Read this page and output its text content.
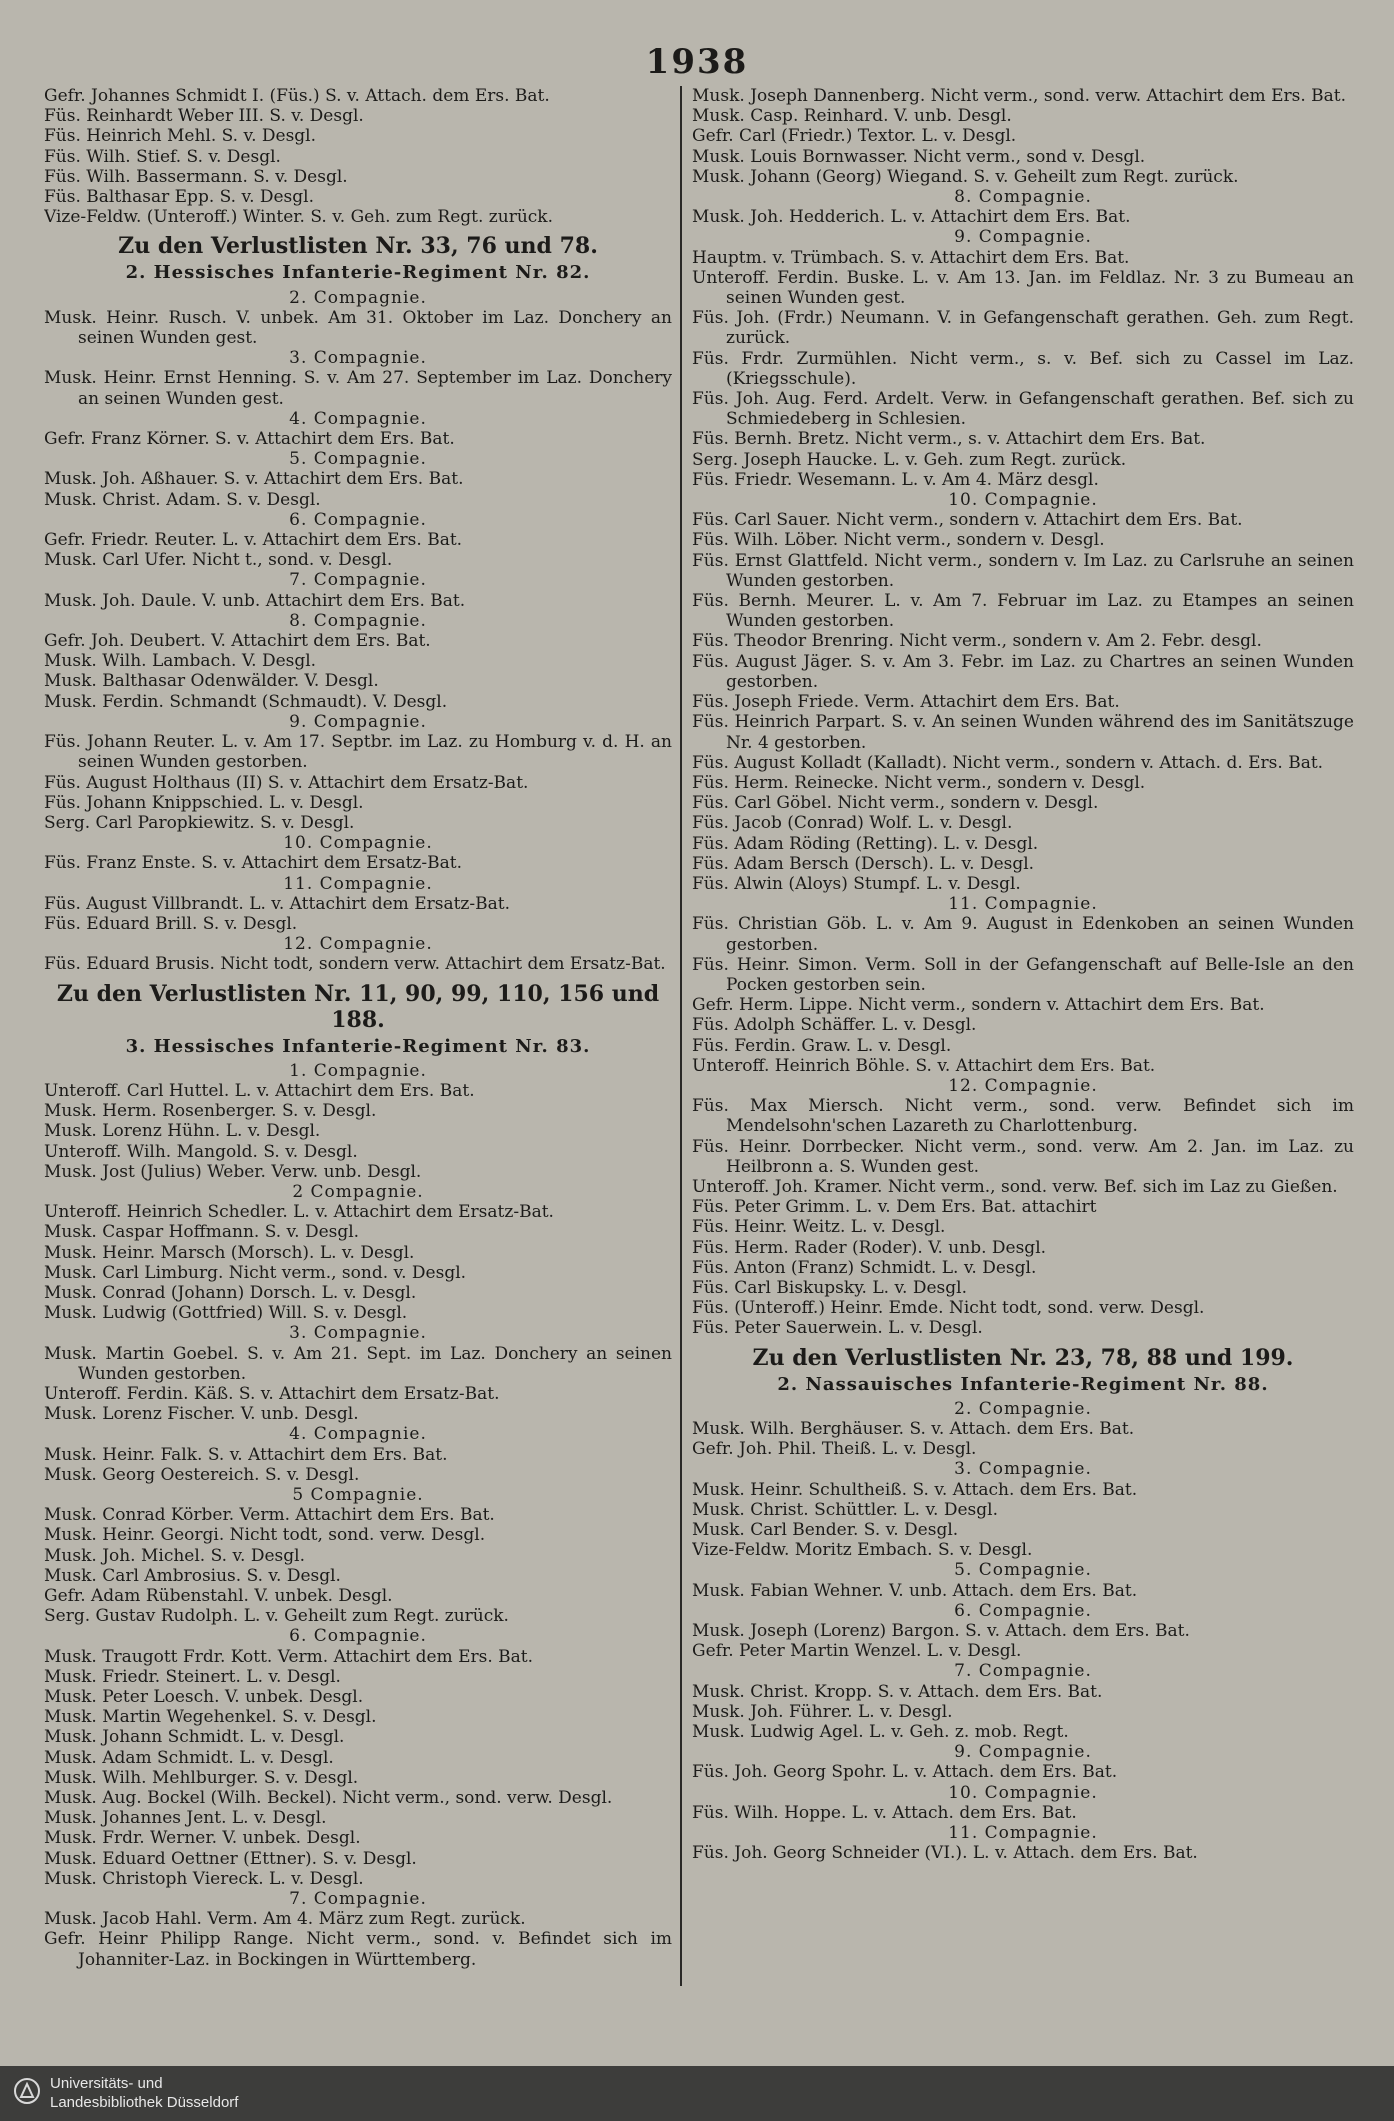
1938

Gefr. Johannes Schmidt I. (Füs.) S. v. Attach. dem Ers. Bat.

Füs. Reinhardt Weber III. S. v. Desgl.

Füs. Heinrich Mehl. S. v. Desgl.

Füs. Wilh. Stief. S. v. Desgl.

Füs. Wilh. Bassermann. S. v. Desgl.

Füs. Balthasar Epp. S. v. Desgl.

Vize-Feldw. (Unteroff.) Winter. S. v. Geh. zum Regt. zurück.

Zu den Verlustlisten Nr. 33, 76 und 78.

2. Hessisches Infanterie-Regiment Nr. 82.

2. Compagnie.

Musk. Heinr. Rusch. V. unbek. Am 31. Oktober im Laz. Donchery an seinen Wunden gest.

3. Compagnie.

Musk. Heinr. Ernst Henning. S. v. Am 27. September im Laz. Donchery an seinen Wunden gest.

4. Compagnie.

Gefr. Franz Körner. S. v. Attachirt dem Ers. Bat.

5. Compagnie.

Musk. Joh. Aßhauer. S. v. Attachirt dem Ers. Bat.

Musk. Christ. Adam. S. v. Desgl.

6. Compagnie.

Gefr. Friedr. Reuter. L. v. Attachirt dem Ers. Bat.

Musk. Carl Ufer. Nicht t., sond. v. Desgl.

7. Compagnie.

Musk. Joh. Daule. V. unb. Attachirt dem Ers. Bat.

8. Compagnie.

Gefr. Joh. Deubert. V. Attachirt dem Ers. Bat.

Musk. Wilh. Lambach. V. Desgl.

Musk. Balthasar Odenwälder. V. Desgl.

Musk. Ferdin. Schmandt (Schmaudt). V. Desgl.

9. Compagnie.

Füs. Johann Reuter. L. v. Am 17. Septbr. im Laz. zu Homburg v. d. H. an seinen Wunden gestorben.

Füs. August Holthaus (II) S. v. Attachirt dem Ersatz-Bat.

Füs. Johann Knippschied. L. v. Desgl.

Serg. Carl Paropkiewitz. S. v. Desgl.

10. Compagnie.

Füs. Franz Enste. S. v. Attachirt dem Ersatz-Bat.

11. Compagnie.

Füs. August Villbrandt. L. v. Attachirt dem Ersatz-Bat.

Füs. Eduard Brill. S. v. Desgl.

12. Compagnie.

Füs. Eduard Brusis. Nicht todt, sondern verw. Attachirt dem Ersatz-Bat.

Zu den Verlustlisten Nr. 11, 90, 99, 110, 156 und 188.

3. Hessisches Infanterie-Regiment Nr. 83.

1. Compagnie.

Unteroff. Carl Huttel. L. v. Attachirt dem Ers. Bat.

Musk. Herm. Rosenberger. S. v. Desgl.

Musk. Lorenz Hühn. L. v. Desgl.

Unteroff. Wilh. Mangold. S. v. Desgl.

Musk. Jost (Julius) Weber. Verw. unb. Desgl.

2 Compagnie.

Unteroff. Heinrich Schedler. L. v. Attachirt dem Ersatz-Bat.

Musk. Caspar Hoffmann. S. v. Desgl.

Musk. Heinr. Marsch (Morsch). L. v. Desgl.

Musk. Carl Limburg. Nicht verm., sond. v. Desgl.

Musk. Conrad (Johann) Dorsch. L. v. Desgl.

Musk. Ludwig (Gottfried) Will. S. v. Desgl.

3. Compagnie.

Musk. Martin Goebel. S. v. Am 21. Sept. im Laz. Donchery an seinen Wunden gestorben.

Unteroff. Ferdin. Käß. S. v. Attachirt dem Ersatz-Bat.

Musk. Lorenz Fischer. V. unb. Desgl.

4. Compagnie.

Musk. Heinr. Falk. S. v. Attachirt dem Ers. Bat.

Musk. Georg Oestereich. S. v. Desgl.

5 Compagnie.

Musk. Conrad Körber. Verm. Attachirt dem Ers. Bat.

Musk. Heinr. Georgi. Nicht todt, sond. verw. Desgl.

Musk. Joh. Michel. S. v. Desgl.

Musk. Carl Ambrosius. S. v. Desgl.

Gefr. Adam Rübenstahl. V. unbek. Desgl.

Serg. Gustav Rudolph. L. v. Geheilt zum Regt. zurück.

6. Compagnie.

Musk. Traugott Frdr. Kott. Verm. Attachirt dem Ers. Bat.

Musk. Friedr. Steinert. L. v. Desgl.

Musk. Peter Loesch. V. unbek. Desgl.

Musk. Martin Wegehenkel. S. v. Desgl.

Musk. Johann Schmidt. L. v. Desgl.

Musk. Adam Schmidt. L. v. Desgl.

Musk. Wilh. Mehlburger. S. v. Desgl.

Musk. Aug. Bockel (Wilh. Beckel). Nicht verm., sond. verw. Desgl.

Musk. Johannes Jent. L. v. Desgl.

Musk. Frdr. Werner. V. unbek. Desgl.

Musk. Eduard Oettner (Ettner). S. v. Desgl.

Musk. Christoph Viereck. L. v. Desgl.

7. Compagnie.

Musk. Jacob Hahl. Verm. Am 4. März zum Regt. zurück.

Gefr. Heinr Philipp Range. Nicht verm., sond. v. Befindet sich im Johanniter-Laz. in Bockingen in Württemberg.

Musk. Joseph Dannenberg. Nicht verm., sond. verw. Attachirt dem Ers. Bat.

Musk. Casp. Reinhard. V. unb. Desgl.

Gefr. Carl (Friedr.) Textor. L. v. Desgl.

Musk. Louis Bornwasser. Nicht verm., sond v. Desgl.

Musk. Johann (Georg) Wiegand. S. v. Geheilt zum Regt. zurück.

8. Compagnie.

Musk. Joh. Hedderich. L. v. Attachirt dem Ers. Bat.

9. Compagnie.

Hauptm. v. Trümbach. S. v. Attachirt dem Ers. Bat.

Unteroff. Ferdin. Buske. L. v. Am 13. Jan. im Feldlaz. Nr. 3 zu Bumeau an seinen Wunden gest.

Füs. Joh. (Frdr.) Neumann. V. in Gefangenschaft gerathen. Geh. zum Regt. zurück.

Füs. Frdr. Zurmühlen. Nicht verm., s. v. Bef. sich zu Cassel im Laz. (Kriegsschule).

Füs. Joh. Aug. Ferd. Ardelt. Verw. in Gefangenschaft gerathen. Bef. sich zu Schmiedeberg in Schlesien.

Füs. Bernh. Bretz. Nicht verm., s. v. Attachirt dem Ers. Bat.

Serg. Joseph Haucke. L. v. Geh. zum Regt. zurück.

Füs. Friedr. Wesemann. L. v. Am 4. März desgl.

10. Compagnie.

Füs. Carl Sauer. Nicht verm., sondern v. Attachirt dem Ers. Bat.

Füs. Wilh. Löber. Nicht verm., sondern v. Desgl.

Füs. Ernst Glattfeld. Nicht verm., sondern v. Im Laz. zu Carlsruhe an seinen Wunden gestorben.

Füs. Bernh. Meurer. L. v. Am 7. Februar im Laz. zu Etampes an seinen Wunden gestorben.

Füs. Theodor Brenring. Nicht verm., sondern v. Am 2. Febr. desgl.

Füs. August Jäger. S. v. Am 3. Febr. im Laz. zu Chartres an seinen Wunden gestorben.

Füs. Joseph Friede. Verm. Attachirt dem Ers. Bat.

Füs. Heinrich Parpart. S. v. An seinen Wunden während des im Sanitätszuge Nr. 4 gestorben.

Füs. August Kolladt (Kalladt). Nicht verm., sondern v. Attach. d. Ers. Bat.

Füs. Herm. Reinecke. Nicht verm., sondern v. Desgl.

Füs. Carl Göbel. Nicht verm., sondern v. Desgl.

Füs. Jacob (Conrad) Wolf. L. v. Desgl.

Füs. Adam Röding (Retting). L. v. Desgl.

Füs. Adam Bersch (Dersch). L. v. Desgl.

Füs. Alwin (Aloys) Stumpf. L. v. Desgl.

11. Compagnie.

Füs. Christian Göb. L. v. Am 9. August in Edenkoben an seinen Wunden gestorben.

Füs. Heinr. Simon. Verm. Soll in der Gefangenschaft auf Belle-Isle an den Pocken gestorben sein.

Gefr. Herm. Lippe. Nicht verm., sondern v. Attachirt dem Ers. Bat.

Füs. Adolph Schäffer. L. v. Desgl.

Füs. Ferdin. Graw. L. v. Desgl.

Unteroff. Heinrich Böhle. S. v. Attachirt dem Ers. Bat.

12. Compagnie.

Füs. Max Miersch. Nicht verm., sond. verw. Befindet sich im Mendelsohn'schen Lazareth zu Charlottenburg.

Füs. Heinr. Dorrbecker. Nicht verm., sond. verw. Am 2. Jan. im Laz. zu Heilbronn a. S. Wunden gest.

Unteroff. Joh. Kramer. Nicht verm., sond. verw. Bef. sich im Laz zu Gießen.

Füs. Peter Grimm. L. v. Dem Ers. Bat. attachirt

Füs. Heinr. Weitz. L. v. Desgl.

Füs. Herm. Rader (Roder). V. unb. Desgl.

Füs. Anton (Franz) Schmidt. L. v. Desgl.

Füs. Carl Biskupsky. L. v. Desgl.

Füs. (Unteroff.) Heinr. Emde. Nicht todt, sond. verw. Desgl.

Füs. Peter Sauerwein. L. v. Desgl.

Zu den Verlustlisten Nr. 23, 78, 88 und 199.

2. Nassauisches Infanterie-Regiment Nr. 88.

2. Compagnie.

Musk. Wilh. Berghäuser. S. v. Attach. dem Ers. Bat.

Gefr. Joh. Phil. Theiß. L. v. Desgl.

3. Compagnie.

Musk. Heinr. Schultheiß. S. v. Attach. dem Ers. Bat.

Musk. Christ. Schüttler. L. v. Desgl.

Musk. Carl Bender. S. v. Desgl.

Vize-Feldw. Moritz Embach. S. v. Desgl.

5. Compagnie.

Musk. Fabian Wehner. V. unb. Attach. dem Ers. Bat.

6. Compagnie.

Musk. Joseph (Lorenz) Bargon. S. v. Attach. dem Ers. Bat.

Gefr. Peter Martin Wenzel. L. v. Desgl.

7. Compagnie.

Musk. Christ. Kropp. S. v. Attach. dem Ers. Bat.

Musk. Joh. Führer. L. v. Desgl.

Musk. Ludwig Agel. L. v. Geh. z. mob. Regt.

9. Compagnie.

Füs. Joh. Georg Spohr. L. v. Attach. dem Ers. Bat.

10. Compagnie.

Füs. Wilh. Hoppe. L. v. Attach. dem Ers. Bat.

11. Compagnie.

Füs. Joh. Georg Schneider (VI.). L. v. Attach. dem Ers. Bat.

Universitäts- und
Landesbibliothek Düsseldorf
